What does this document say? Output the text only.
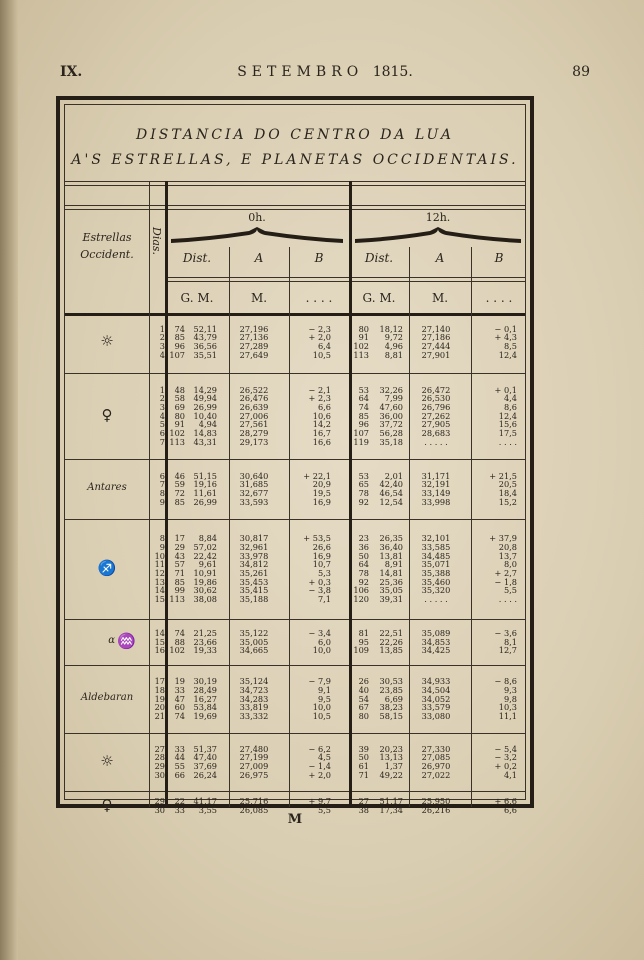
IX.	SETEMBRO 1815.	89
DISTANCIA DO CENTRO DA LUA
A'S ESTRELLAS, E PLANETAS OCCIDENTAIS.
Estrellas Occident.	Dias.
0h.	12h.
Dist.	A	B	Dist.	A	B
G. M.	M.	. . . .	G. M.	M.	. . . .
☼
1	74	52,11	27,196	− 2,3	80	18,12	27,140	− 0,1
2	85	43,79	27,136	+ 2,0	91	9,72	27,186	+ 4,3
3	96	36,56	27,289	6,4	102	4,96	27,444	8,5
4 107	35,51	27,649	10,5	113	8,81	27,901	12,4
♀
1	48	14,29	26,522	− 2,1	53	32,26	26,472	+ 0,1
2	58	49,94	26,476	+ 2,3	64	7,99	26,530	4,4
3	69	26,99	26,639	6,6	74	47,60	26,796	8,6
4	80	10,40	27,006	10,6	85	36,00	27,262	12,4
5	91	4,94	27,561	14,2	96	37,72	27,905	15,6
6 102	14,83	28,279	16,7	107	56,28	28,683	17,5
7 113	43,31	29,173	16,6	119	35,18	. . . . .	. . . .
Antares
6	46	51,15	30,640	+ 22,1	53	2,01	31,171	+ 21,5
7	59	19,16	31,685	20,9	65	42,40	32,191	20,5
8	72	11,61	32,677	19,5	78	46,54	33,149	18,4
9	85	26,99	33,593	16,9	92	12,54	33,998	15,2
♐
8	17	8,84	30,817	+ 53,5	23	26,35	32,101	+ 37,9
9	29	57,02	32,961	26,6	36	36,40	33,585	20,8
10	43	22,42	33,978	16,9	50	13,81	34,485	13,7
11	57	9,61	34,812	10,7	64	8,91	35,071	8,0
12	71	10,91	35,261	5,3	78	14,81	35,388	+ 2,7
13	85	19,86	35,453	+ 0,3	92	25,36	35,460	− 1,8
14	99	30,62	35,415	− 3,8	106	35,05	35,320	5,5
15 113	38,08	35,188	7,1	120	39,31	. . . . .	. . . .
α ♒	14	74	21,25	35,122	− 3,4	81	22,51	35,089	− 3,6
15	88	23,66	35,005	6,0	95	22,26	34,853	8,1
16 102	19,33	34,665	10,0	109	13,85	34,425	12,7
Aldebaran
17	19	30,19	35,124	− 7,9	26	30,53	34,933	− 8,6
18	33	28,49	34,723	9,1	40	23,85	34,504	9,3
19	47	16,27	34,283	9,5	54	6,69	34,052	9,8
20	60	53,84	33,819	10,0	67	38,23	33,579	10,3
21	74	19,69	33,332	10,5	80	58,15	33,080	11,1
☼
27	33	51,37	27,480	− 6,2	39	20,23	27,330	− 5,4
28	44	47,40	27,199	4,5	50	13,13	27,085	− 3,2
29	55	37,69	27,009	− 1,4	61	1,37	26,970	+ 0,2
30	66	26,24	26,975	+ 2,0	71	49,22	27,022	4,1
♀	29	22	41,17	25,716	+ 9,7	27	51,17	25,950	+ 6,6
30	33	3,55	26,085	5,5	38	17,34	26,216	6,6
M
